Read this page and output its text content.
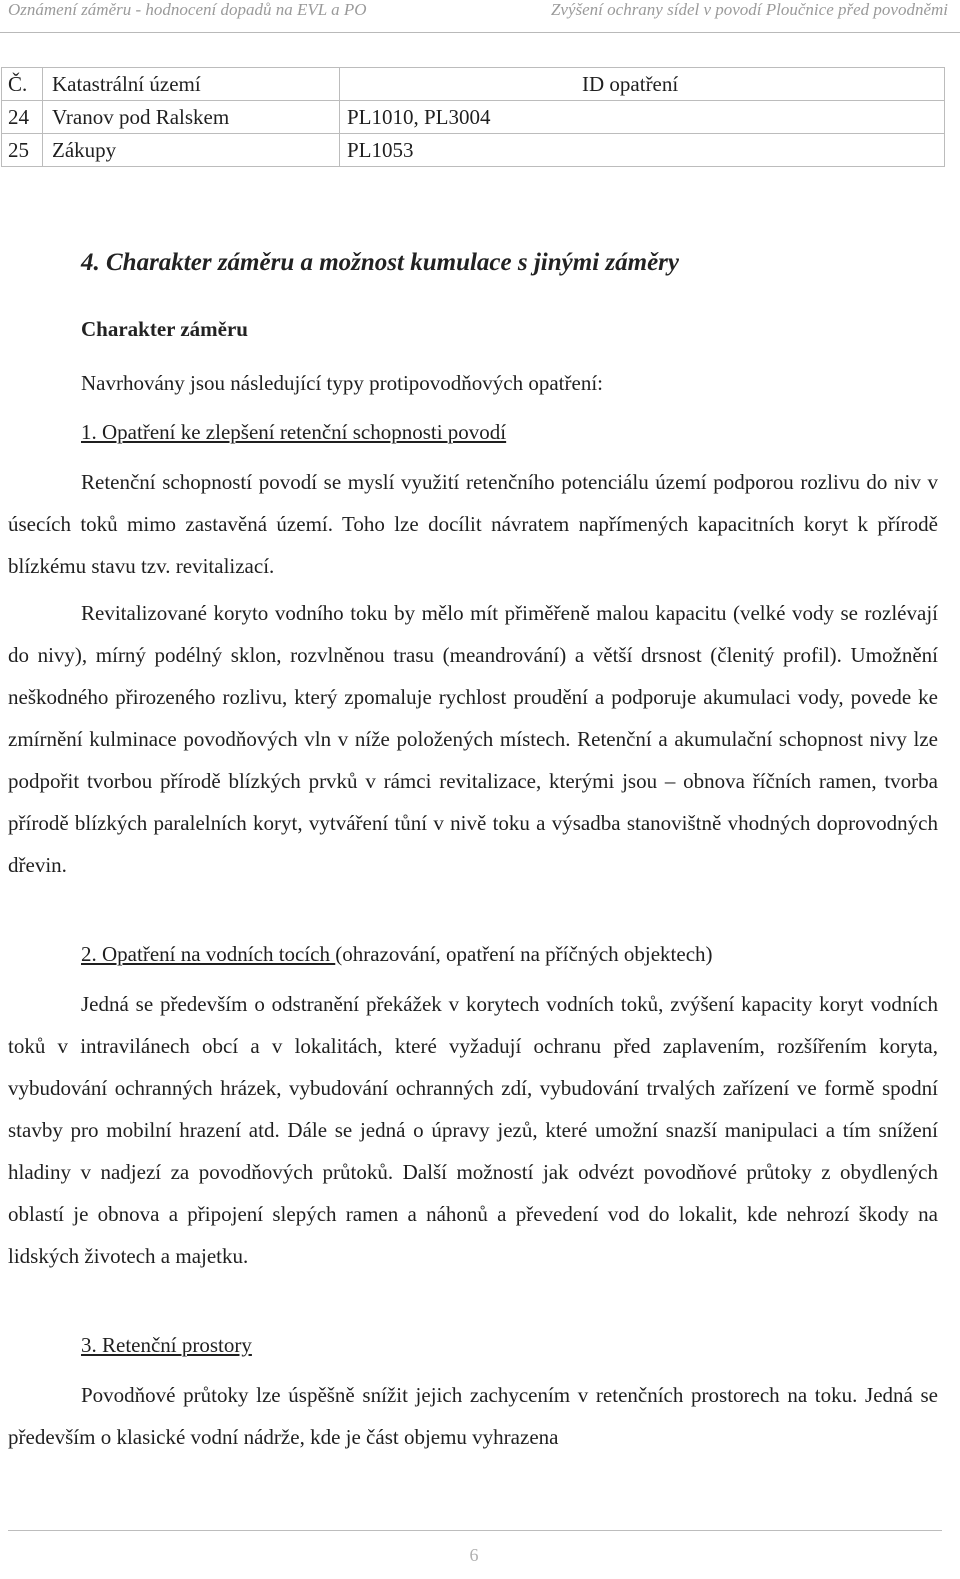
Oznámení záměru - hodnocení dopadů na EVL a PO	Zvýšení ochrany sídel v povodí Ploučnice před povodněmi
Č.	Katastrální území	ID opatření
24	Vranov pod Ralskem	PL1010, PL3004
25	Zákupy	PL1053
4. Charakter záměru a možnost kumulace s jinými záměry
Charakter záměru
Navrhovány jsou následující typy protipovodňových opatření:
1. Opatření ke zlepšení retenční schopnosti povodí

Retenční schopností povodí se myslí využití retenčního potenciálu území podporou rozlivu do niv v úsecích toků mimo zastavěná území. Toho lze docílit návratem napřímených kapacitních koryt k přírodě blízkému stavu tzv. revitalizací.

Revitalizované koryto vodního toku by mělo mít přiměřeně malou kapacitu (velké vody se rozlévají do nivy), mírný podélný sklon, rozvlněnou trasu (meandrování) a větší drsnost (členitý profil). Umožnění neškodného přirozeného rozlivu, který zpomaluje rychlost proudění a podporuje akumulaci vody, povede ke zmírnění kulminace povodňových vln v níže položených místech. Retenční a akumulační schopnost nivy lze podpořit tvorbou přírodě blízkých prvků v rámci revitalizace, kterými jsou – obnova říčních ramen, tvorba přírodě blízkých paralelních koryt, vytváření tůní v nivě toku a výsadba stanovištně vhodných doprovodných dřevin.

2. Opatření na vodních tocích (ohrazování, opatření na příčných objektech)

Jedná se především o odstranění překážek v korytech vodních toků, zvýšení kapacity koryt vodních toků v intravilánech obcí a v lokalitách, které vyžadují ochranu před zaplavením, rozšířením koryta, vybudování ochranných hrázek, vybudování ochranných zdí, vybudování trvalých zařízení ve formě spodní stavby pro mobilní hrazení atd. Dále se jedná o úpravy jezů, které umožní snazší manipulaci a tím snížení hladiny v nadjezí za povodňových průtoků. Další možností jak odvézt povodňové průtoky z obydlených oblastí je obnova a připojení slepých ramen a náhonů a převedení vod do lokalit, kde nehrozí škody na lidských životech a majetku.

3. Retenční prostory

Povodňové průtoky lze úspěšně snížit jejich zachycením v retenčních prostorech na toku. Jedná se především o klasické vodní nádrže, kde je část objemu vyhrazena

6
